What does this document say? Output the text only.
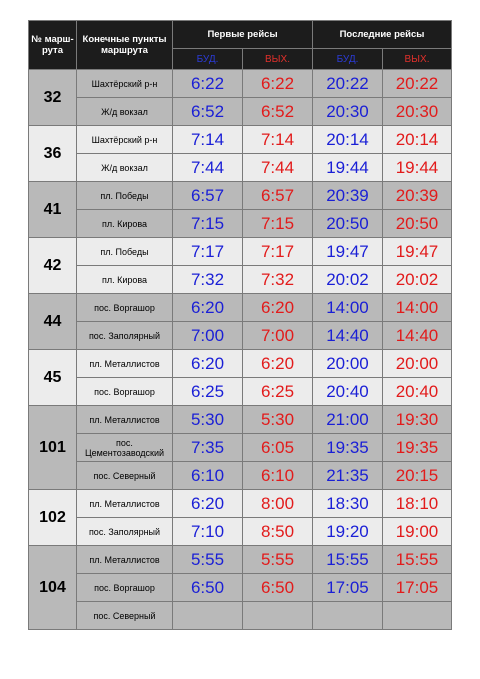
№ марш-рута	Конечные пункты маршрута	Первые рейсы		Последние рейсы	
		БУД.	ВЫХ.	БУД.	ВЫХ.
32	Шахтёрский р-н	6:22	6:22	20:22	20:22
	Ж/д вокзал	6:52	6:52	20:30	20:30
36	Шахтёрский р-н	7:14	7:14	20:14	20:14
	Ж/д вокзал	7:44	7:44	19:44	19:44
41	пл. Победы	6:57	6:57	20:39	20:39
	пл. Кирова	7:15	7:15	20:50	20:50
42	пл. Победы	7:17	7:17	19:47	19:47
	пл. Кирова	7:32	7:32	20:02	20:02
44	пос. Воргашор	6:20	6:20	14:00	14:00
	пос. Заполярный	7:00	7:00	14:40	14:40
45	пл. Металлистов	6:20	6:20	20:00	20:00
	пос. Воргашор	6:25	6:25	20:40	20:40
101	пл. Металлистов	5:30	5:30	21:00	19:30
	пос. Цементозаводский	7:35	6:05	19:35	19:35
	пос. Северный	6:10	6:10	21:35	20:15
102	пл. Металлистов	6:20	8:00	18:30	18:10
	пос. Заполярный	7:10	8:50	19:20	19:00
104	пл. Металлистов	5:55	5:55	15:55	15:55
	пос. Воргашор	6:50	6:50	17:05	17:05
	пос. Северный				
